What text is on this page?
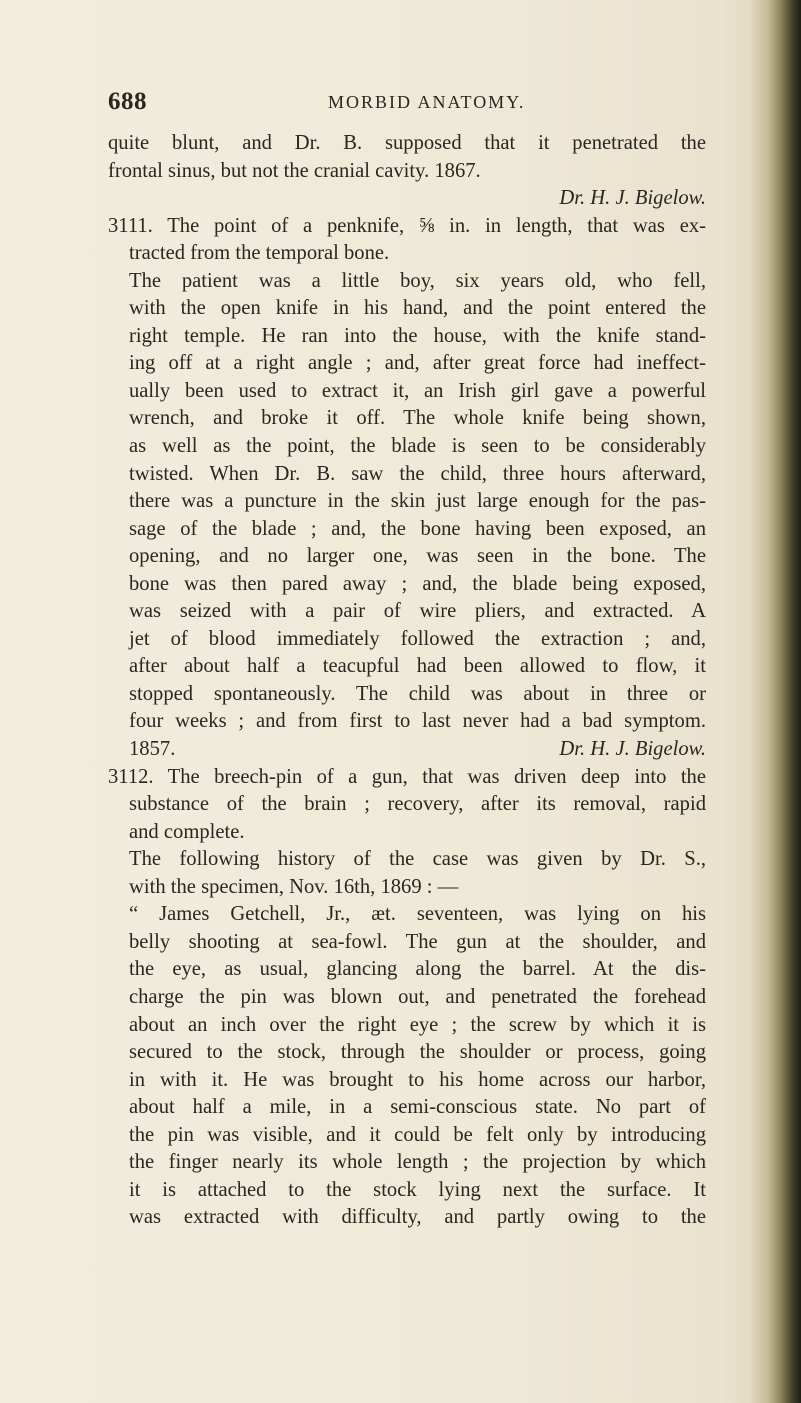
688	MORBID ANATOMY.
quite blunt, and Dr. B. supposed that it penetrated the
frontal sinus, but not the cranial cavity. 1867.
Dr. H. J. Bigelow.
3111. The point of a penknife, ⅝ in. in length, that was ex-
tracted from the temporal bone.
The patient was a little boy, six years old, who fell,
with the open knife in his hand, and the point entered the
right temple. He ran into the house, with the knife stand-
ing off at a right angle ; and, after great force had ineffect-
ually been used to extract it, an Irish girl gave a powerful
wrench, and broke it off. The whole knife being shown,
as well as the point, the blade is seen to be considerably
twisted. When Dr. B. saw the child, three hours afterward,
there was a puncture in the skin just large enough for the pas-
sage of the blade ; and, the bone having been exposed, an
opening, and no larger one, was seen in the bone. The
bone was then pared away ; and, the blade being exposed,
was seized with a pair of wire pliers, and extracted. A
jet of blood immediately followed the extraction ; and,
after about half a teacupful had been allowed to flow, it
stopped spontaneously. The child was about in three or
four weeks ; and from first to last never had a bad symptom.
1857.	Dr. H. J. Bigelow.
3112. The breech-pin of a gun, that was driven deep into the
substance of the brain ; recovery, after its removal, rapid
and complete.
The following history of the case was given by Dr. S.,
with the specimen, Nov. 16th, 1869 : —
“ James Getchell, Jr., æt. seventeen, was lying on his
belly shooting at sea-fowl. The gun at the shoulder, and
the eye, as usual, glancing along the barrel. At the dis-
charge the pin was blown out, and penetrated the forehead
about an inch over the right eye ; the screw by which it is
secured to the stock, through the shoulder or process, going
in with it. He was brought to his home across our harbor,
about half a mile, in a semi-conscious state. No part of
the pin was visible, and it could be felt only by introducing
the finger nearly its whole length ; the projection by which
it is attached to the stock lying next the surface. It
was extracted with difficulty, and partly owing to the
